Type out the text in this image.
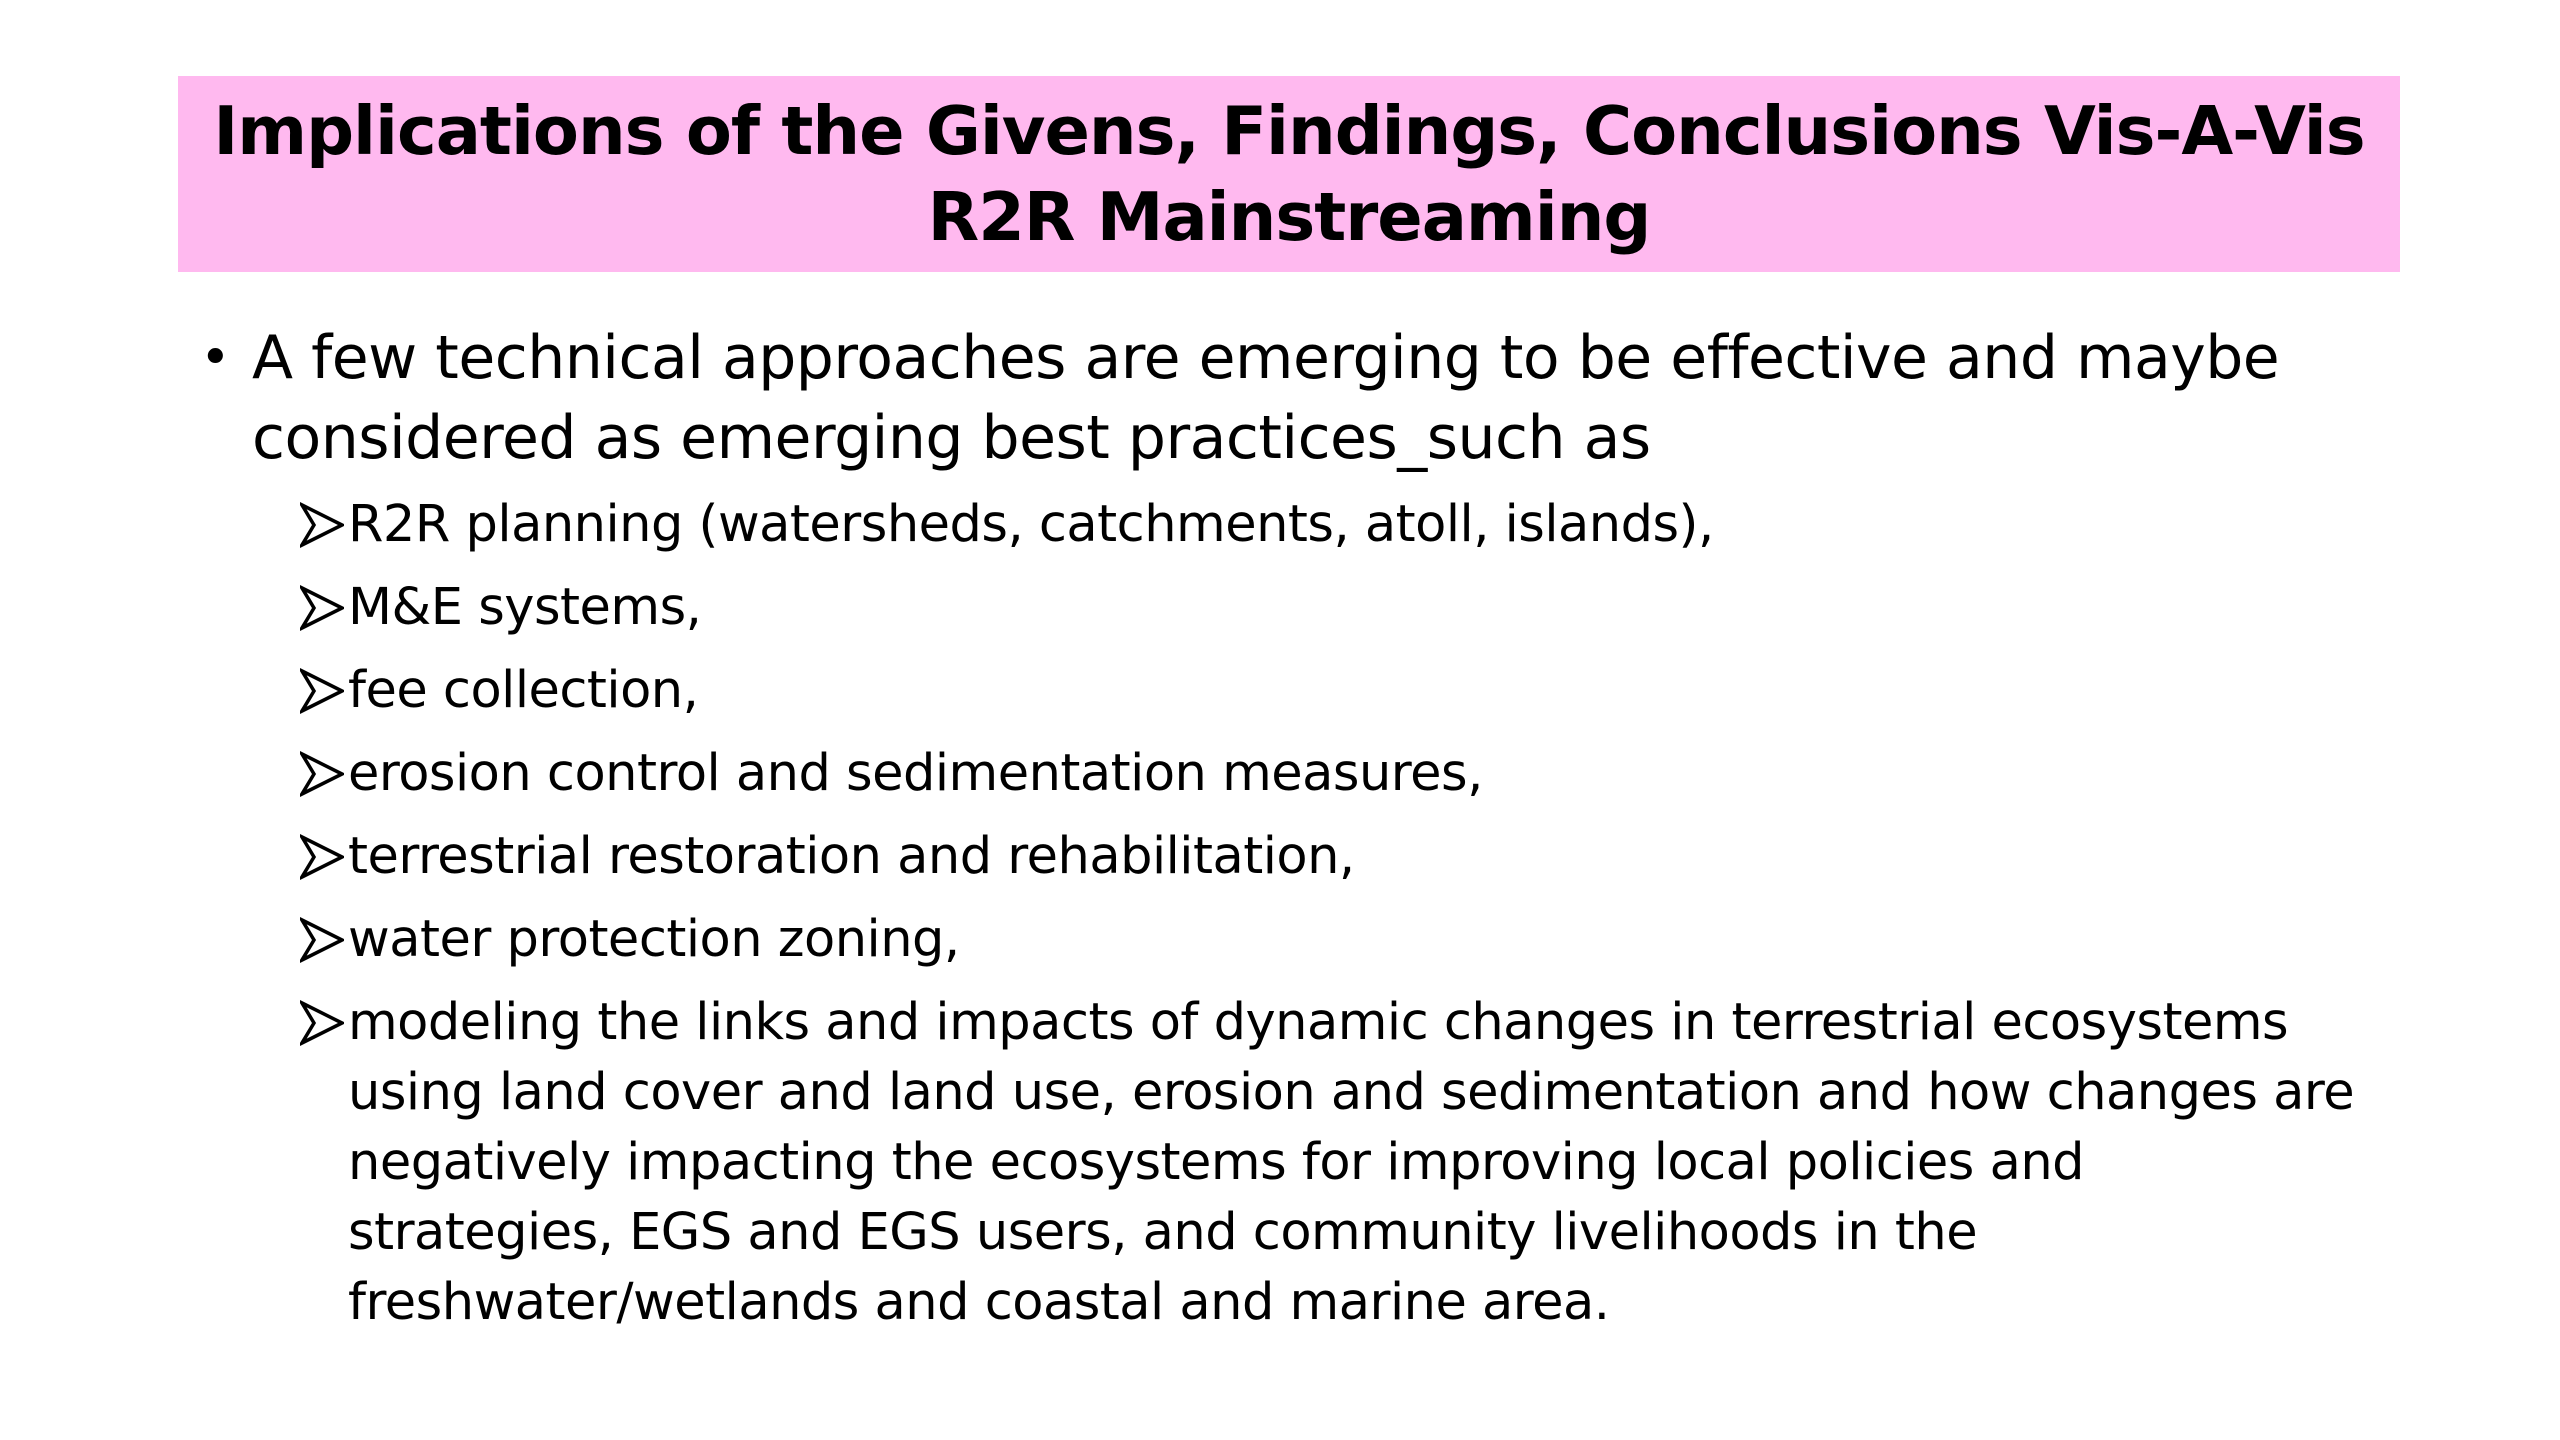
Implications of the Givens, Findings, Conclusions Vis-A-Vis R2R Mainstreaming
• A few technical approaches are emerging to be effective and maybe considered as emerging best practices_such as
R2R planning (watersheds, catchments, atoll, islands),
M&E systems,
fee collection,
erosion control and sedimentation measures,
terrestrial restoration and rehabilitation,
water protection zoning,
modeling the links and impacts of dynamic changes in terrestrial ecosystems using land cover and land use, erosion and sedimentation and how changes are negatively impacting the ecosystems for improving local policies and strategies, EGS and EGS users, and community livelihoods in the freshwater/wetlands and coastal and marine area.
